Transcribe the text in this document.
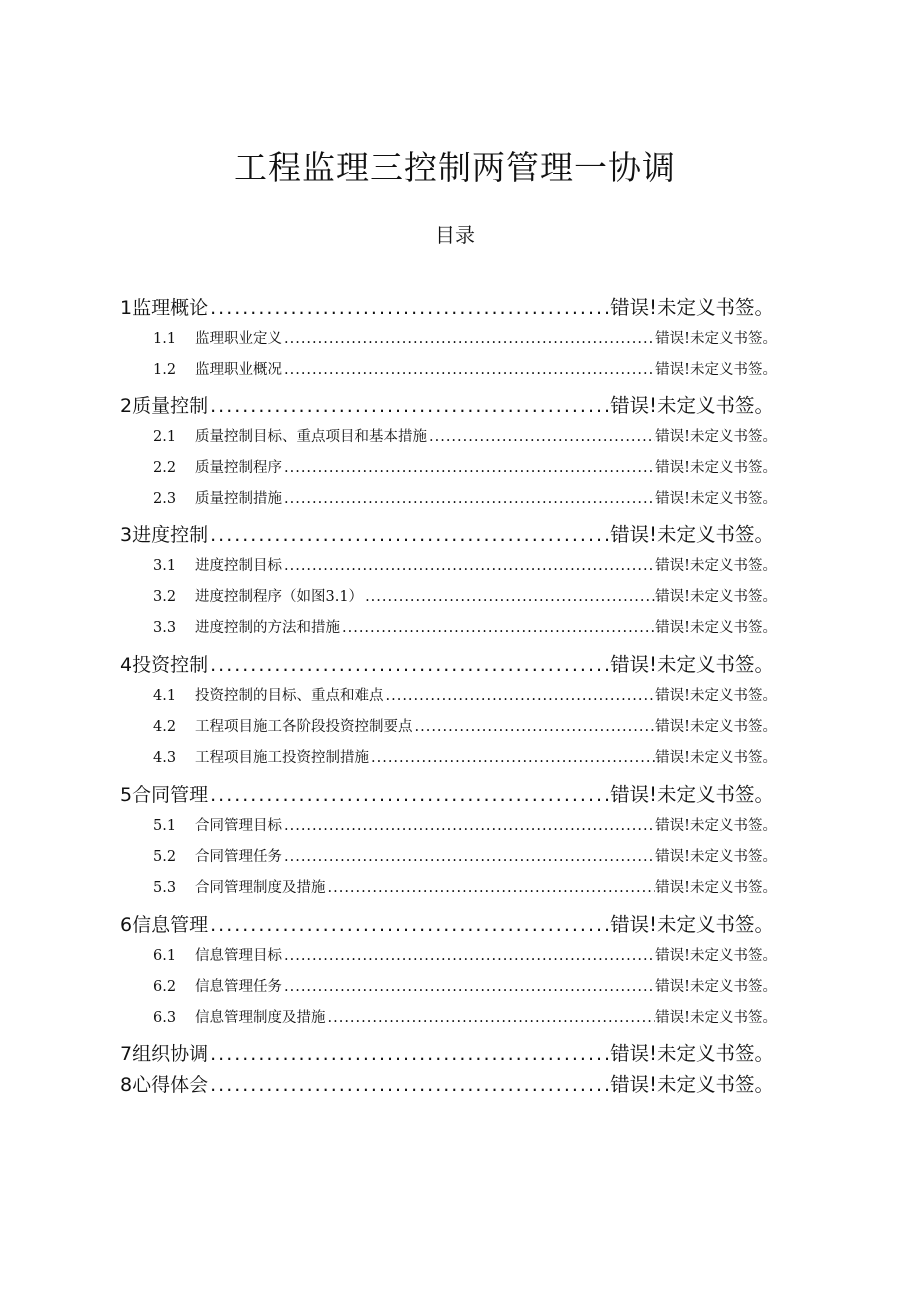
工程监理三控制两管理一协调
目录
1 监理概论 .....	错误!未定义书签。
1.1	监理职业定义 .....	错误!未定义书签。
1.2	监理职业概况 .....	错误!未定义书签。
2 质量控制 .....	错误!未定义书签。
2.1	质量控制目标、重点项目和基本措施 .....	错误!未定义书签。
2.2	质量控制程序 .....	错误!未定义书签。
2.3	质量控制措施 .....	错误!未定义书签。
3 进度控制 .....	错误!未定义书签。
3.1	进度控制目标 .....	错误!未定义书签。
3.2	进度控制程序（如图3.1） .....	错误!未定义书签。
3.3	进度控制的方法和措施 .....	错误!未定义书签。
4 投资控制 .....	错误!未定义书签。
4.1	投资控制的目标、重点和难点 .....	错误!未定义书签。
4.2	工程项目施工各阶段投资控制要点 .....	错误!未定义书签。
4.3	工程项目施工投资控制措施 .....	错误!未定义书签。
5 合同管理 .....	错误!未定义书签。
5.1	合同管理目标 .....	错误!未定义书签。
5.2	合同管理任务 .....	错误!未定义书签。
5.3	合同管理制度及措施 .....	错误!未定义书签。
6 信息管理 .....	错误!未定义书签。
6.1	信息管理目标 .....	错误!未定义书签。
6.2	信息管理任务 .....	错误!未定义书签。
6.3	信息管理制度及措施 .....	错误!未定义书签。
7 组织协调 .....	错误!未定义书签。
8 心得体会 .....	错误!未定义书签。
